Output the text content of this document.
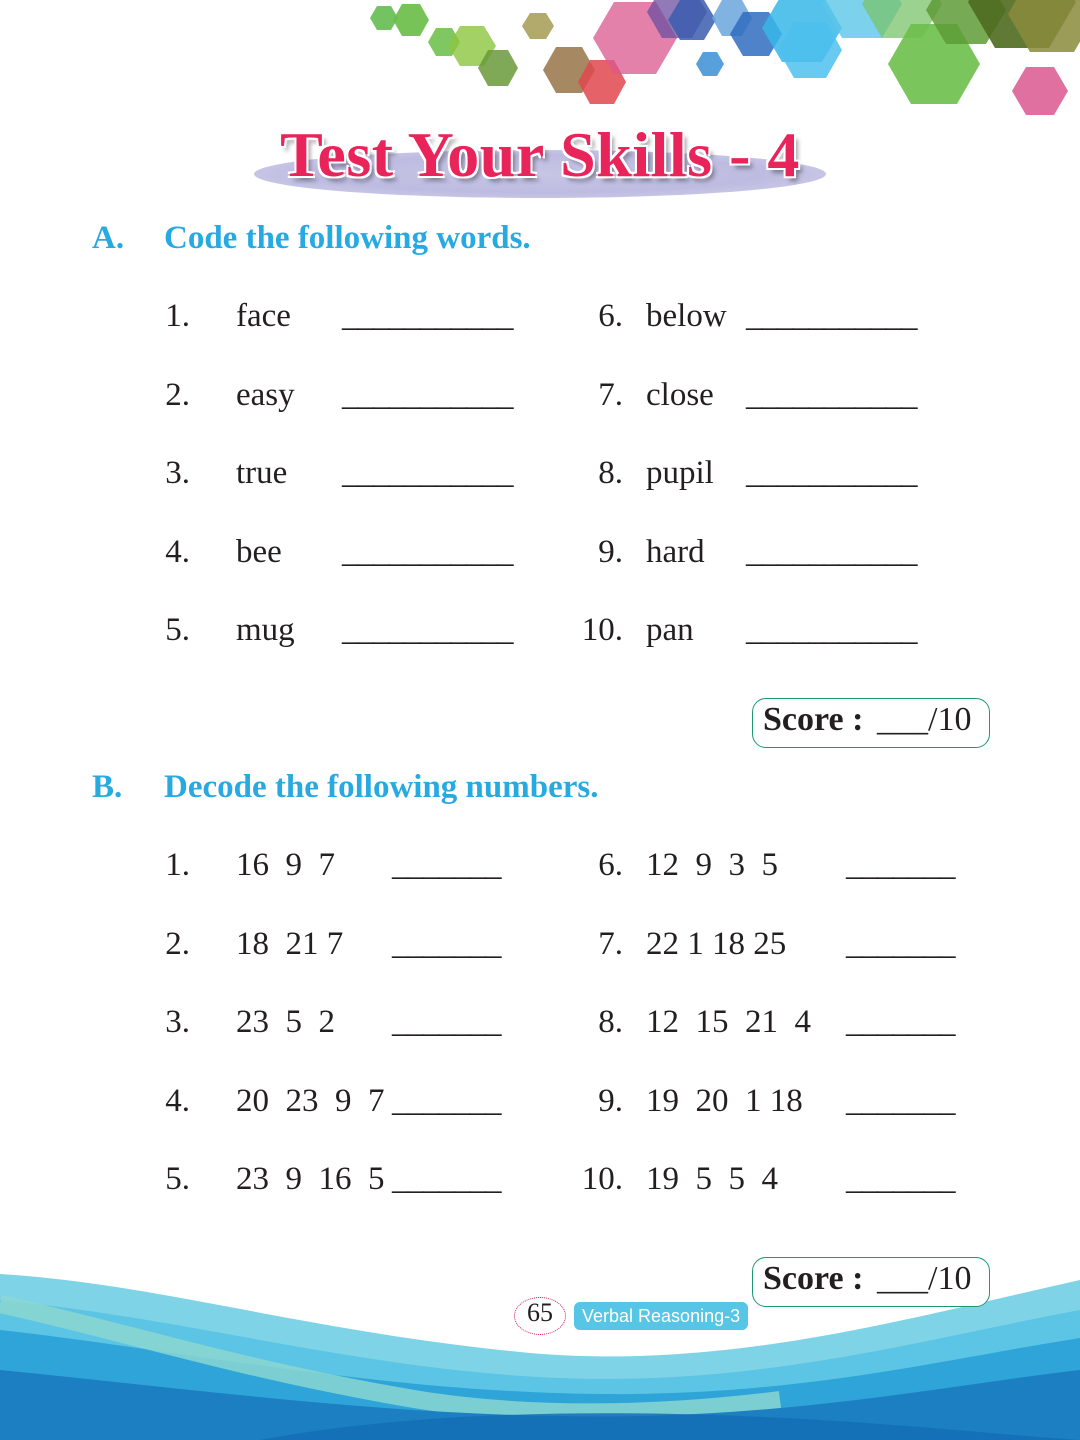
Test Your Skills - 4
A. Code the following words.
1. face ___________
2. easy ___________
3. true ___________
4. bee ___________
5. mug ___________
6. below ___________
7. close ___________
8. pupil ___________
9. hard ___________
10. pan ___________
Score : ___/10
B. Decode the following numbers.
1. 16  9  7 _______
2. 18  21 7 _______
3. 23  5  2 _______
4. 20  23  9  7 _______
5. 23  9  16  5 _______
6. 12  9  3  5 _______
7. 22 1 18 25 _______
8. 12  15  21  4 _______
9. 19  20  1 18 _______
10. 19  5  5  4 _______
Score : ___/10
65	Verbal Reasoning-3
